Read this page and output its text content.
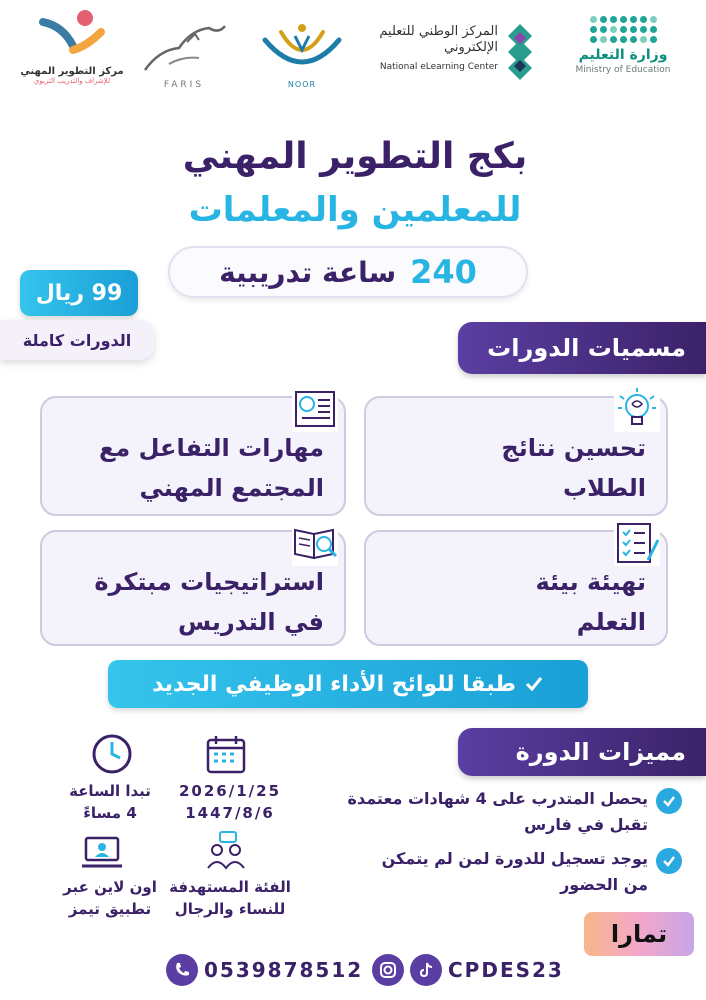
وزارة التعليم
Ministry of Education
المركز الوطني للتعليم الإلكتروني
National eLearning Center
NOOR
FARIS
مركز التطوير المهني
للإشراف والتدريب التربوي
بكج التطوير المهني
للمعلمين والمعلمات
240
ساعة تدريبية
99 ريال
الدورات كاملة	مسميات الدورات
تحسين نتائج
الطلاب
مهارات التفاعل مع
المجتمع المهني
تهيئة بيئة
التعلم
استراتيجيات مبتكرة
في التدريس
طبقا للوائح الأداء الوظيفي الجديد
مميزات الدورة
يحصل المتدرب على 4 شهادات معتمدة
تقبل في فارس
يوجد تسجيل للدورة لمن لم يتمكن
من الحضور
تبدا الساعة
4 مساءً
2026/1/25
1447/8/6
اون لاين عبر
تطبيق تيمز
الفئة المستهدفة
للنساء والرجال
تمارا
0539878512	CPDES23
